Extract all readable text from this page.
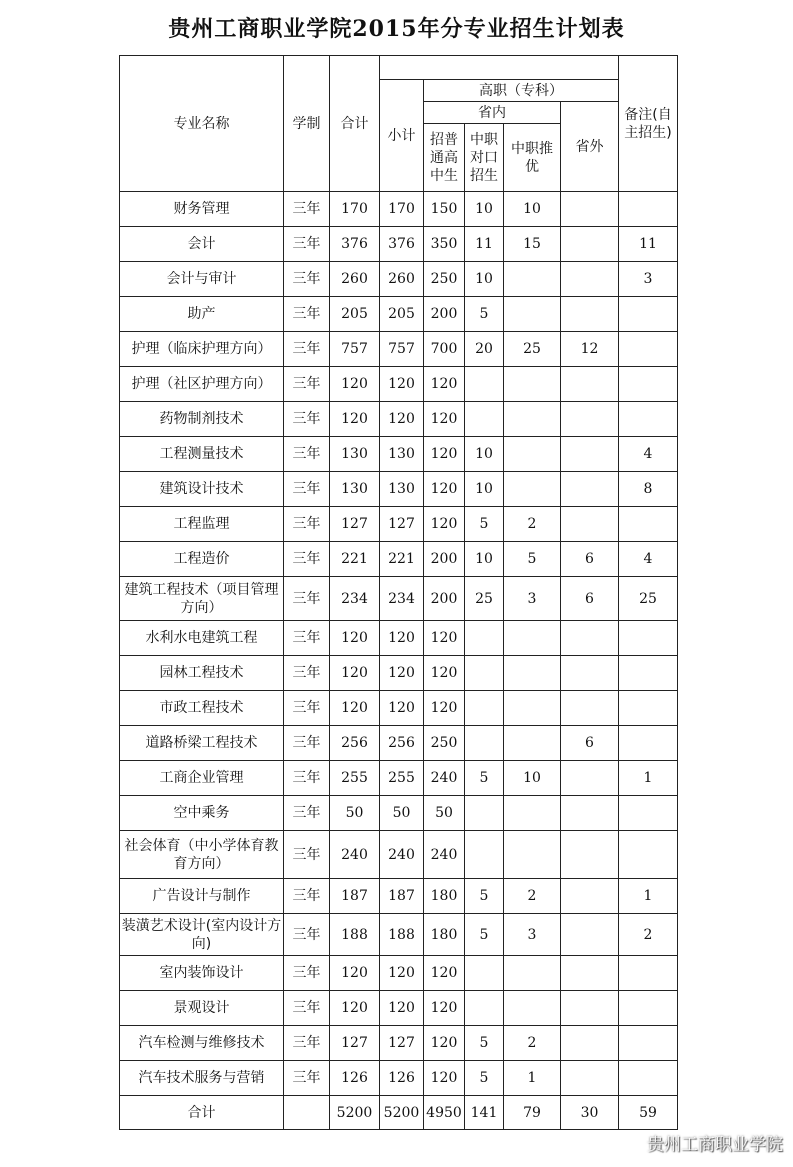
贵州工商职业学院2015年分专业招生计划表
专业名称	学制	合计						备注(自主招生)
			小计	高职（专科）				
				省内			省外	
				招普通高中生	中职对口招生	中职推优		
财务管理	三年	170	170	150	10	10		
会计	三年	376	376	350	11	15		11
会计与审计	三年	260	260	250	10			3
助产	三年	205	205	200	5			
护理（临床护理方向）	三年	757	757	700	20	25	12	
护理（社区护理方向）	三年	120	120	120				
药物制剂技术	三年	120	120	120				
工程测量技术	三年	130	130	120	10			4
建筑设计技术	三年	130	130	120	10			8
工程监理	三年	127	127	120	5	2		
工程造价	三年	221	221	200	10	5	6	4
建筑工程技术（项目管理方向）	三年	234	234	200	25	3	6	25
水利水电建筑工程	三年	120	120	120				
园林工程技术	三年	120	120	120				
市政工程技术	三年	120	120	120				
道路桥梁工程技术	三年	256	256	250			6	
工商企业管理	三年	255	255	240	5	10		1
空中乘务	三年	50	50	50				
社会体育（中小学体育教育方向）	三年	240	240	240				
广告设计与制作	三年	187	187	180	5	2		1
装潢艺术设计(室内设计方向)	三年	188	188	180	5	3		2
室内装饰设计	三年	120	120	120				
景观设计	三年	120	120	120				
汽车检测与维修技术	三年	127	127	120	5	2		
汽车技术服务与营销	三年	126	126	120	5	1		
合计		5200	5200	4950	141	79	30	59
贵州工商职业学院
